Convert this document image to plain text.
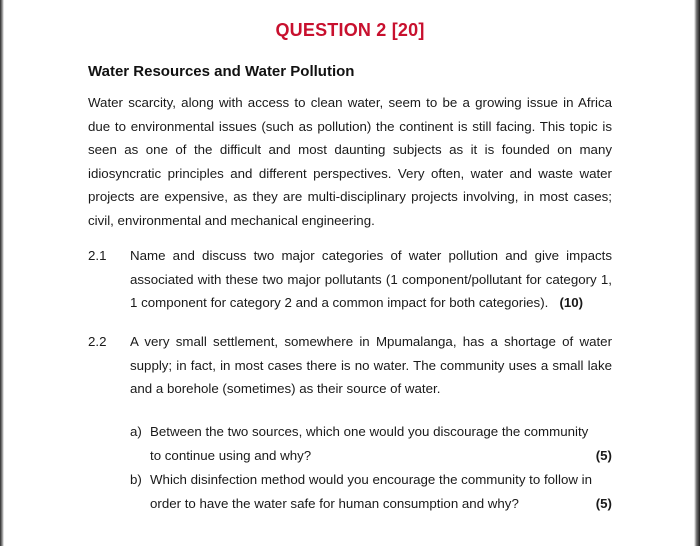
QUESTION 2 [20]
Water Resources and Water Pollution

Water scarcity, along with access to clean water, seem to be a growing issue in Africa due to environmental issues (such as pollution) the continent is still facing. This topic is seen as one of the difficult and most daunting subjects as it is founded on many idiosyncratic principles and different perspectives. Very often, water and waste water projects are expensive, as they are multi-disciplinary projects involving, in most cases; civil, environmental and mechanical engineering.

2.1 Name and discuss two major categories of water pollution and give impacts associated with these two major pollutants (1 component/pollutant for category 1, 1 component for category 2 and a common impact for both categories). (10)

2.2 A very small settlement, somewhere in Mpumalanga, has a shortage of water supply; in fact, in most cases there is no water. The community uses a small lake and a borehole (sometimes) as their source of water.

a) Between the two sources, which one would you discourage the community
to continue using and why?	(5)
b) Which disinfection method would you encourage the community to follow in
order to have the water safe for human consumption and why?	(5)
